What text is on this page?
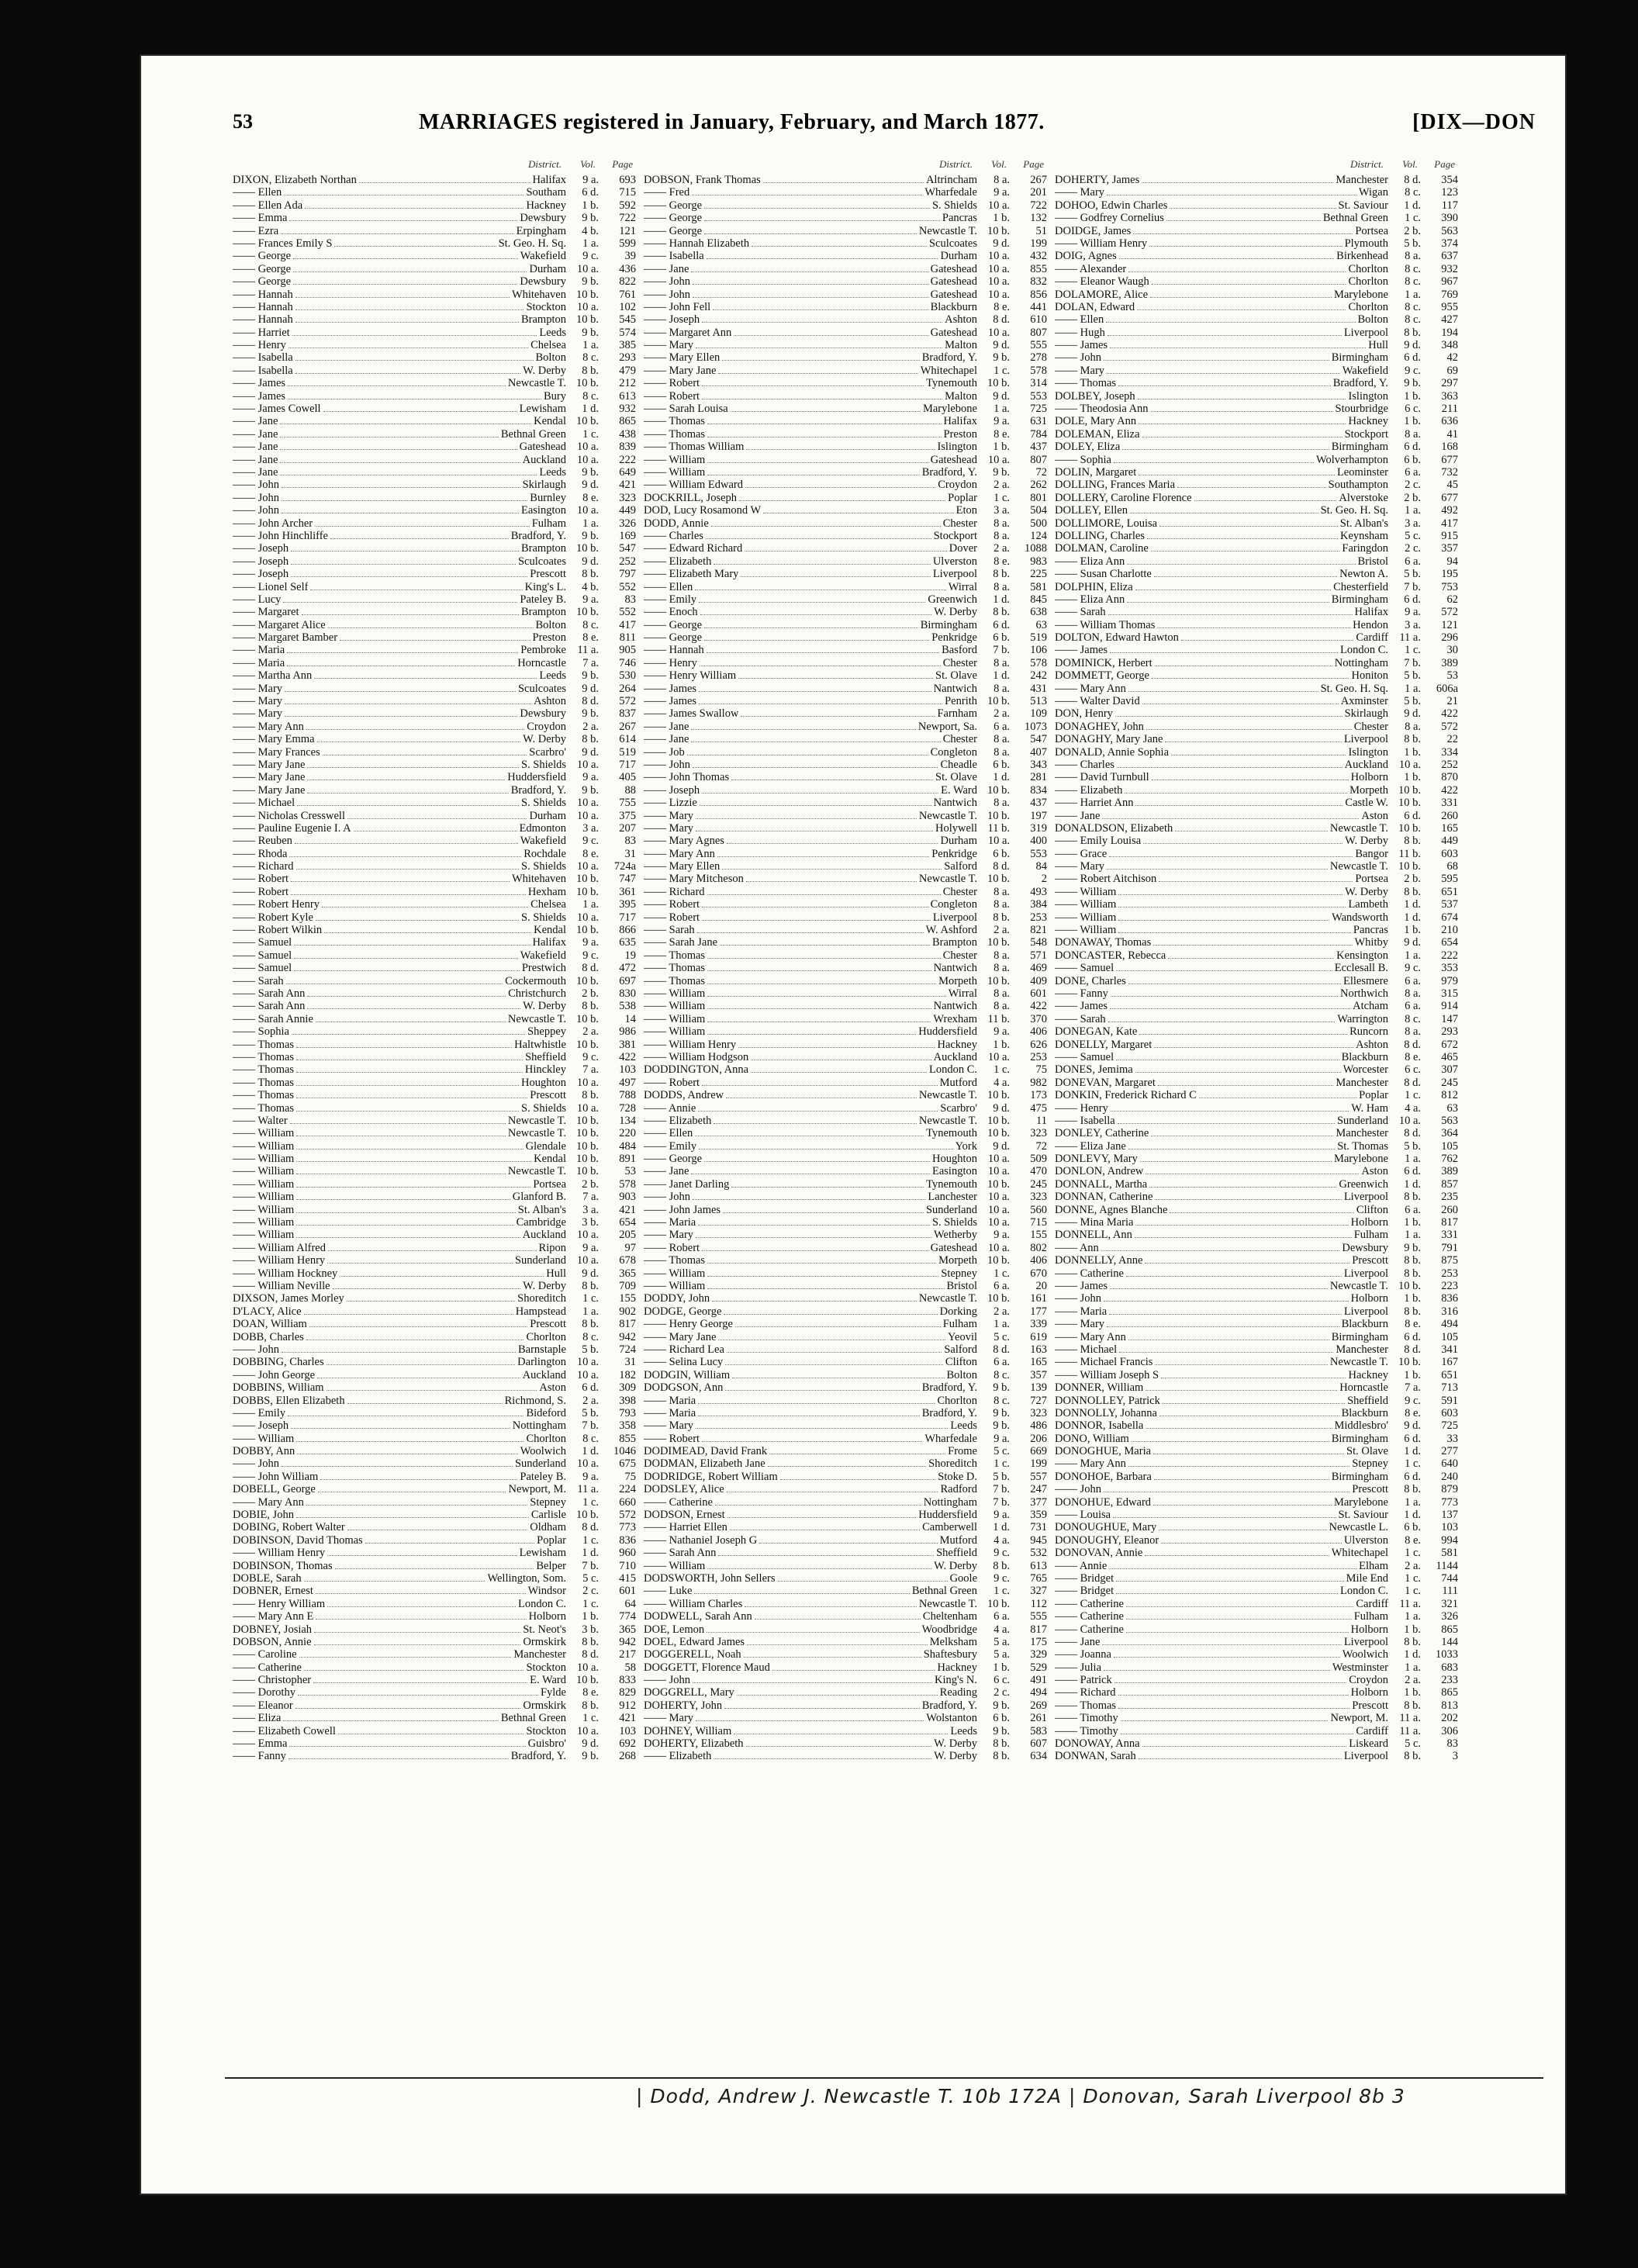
53	MARRIAGES registered in January, February, and March 1877.	[DIX—DON
District. Vol. Page
DIXON, Elizabeth Northan	Halifax	9 a.	693
—— Ellen	Southam	6 d.	715
—— Ellen Ada	Hackney	1 b.	592
—— Emma	Dewsbury	9 b.	722
—— Ezra	Erpingham	4 b.	121
—— Frances Emily S	St. Geo. H. Sq.	1 a.	599
—— George	Wakefield	9 c.	39
—— George	Durham 10 a.	436
—— George	Dewsbury	9 b.	822
—— Hannah	Whitehaven 10 b.	761
—— Hannah	Stockton 10 a.	102
—— Hannah	Brampton 10 b.	545
—— Harriet	Leeds	9 b.	574
—— Henry	Chelsea	1 a.	385
—— Isabella	Bolton	8 c.	293
—— Isabella	W. Derby	8 b.	479
—— James	Newcastle T. 10 b.	212
—— James	Bury	8 c.	613
—— James Cowell	Lewisham	1 d.	932
—— Jane	Kendal 10 b.	865
—— Jane	Bethnal Green	1 c.	438
—— Jane	Gateshead 10 a.	839
—— Jane	Auckland 10 a.	222
—— Jane	Leeds	9 b.	649
—— John	Skirlaugh	9 d.	421
—— John	Burnley	8 e.	323
—— John	Easington 10 a.	449
—— John Archer	Fulham	1 a.	326
—— John Hinchliffe	Bradford, Y.	9 b.	169
—— Joseph	Brampton 10 b.	547
—— Joseph	Sculcoates	9 d.	252
—— Joseph	Prescott	8 b.	797
—— Lionel Self	King's L.	4 b.	552
—— Lucy	Pateley B.	9 a.	83
—— Margaret	Brampton 10 b.	552
—— Margaret Alice	Bolton	8 c.	417
—— Margaret Bamber	Preston	8 e.	811
—— Maria	Pembroke 11 a.	905
—— Maria	Horncastle	7 a.	746
—— Martha Ann	Leeds	9 b.	530
—— Mary	Sculcoates	9 d.	264
—— Mary	Ashton	8 d.	572
—— Mary	Dewsbury	9 b.	837
—— Mary Ann	Croydon	2 a.	267
—— Mary Emma	W. Derby	8 b.	614
—— Mary Frances	Scarbro'	9 d.	519
—— Mary Jane	S. Shields 10 a.	717
—— Mary Jane	Huddersfield	9 a.	405
—— Mary Jane	Bradford, Y.	9 b.	88
—— Michael	S. Shields 10 a.	755
—— Nicholas Cresswell	Durham 10 a.	375
—— Pauline Eugenie I. A	Edmonton	3 a.	207
—— Reuben	Wakefield	9 c.	83
—— Rhoda	Rochdale	8 e.	31
—— Richard	S. Shields 10 a.	724a
—— Robert	Whitehaven 10 b.	747
—— Robert	Hexham 10 b.	361
—— Robert Henry	Chelsea	1 a.	395
—— Robert Kyle	S. Shields 10 a.	717
—— Robert Wilkin	Kendal 10 b.	866
—— Samuel	Halifax	9 a.	635
—— Samuel	Wakefield	9 c.	19
—— Samuel	Prestwich	8 d.	472
—— Sarah	Cockermouth 10 b.	697
—— Sarah Ann	Christchurch	2 b.	830
—— Sarah Ann	W. Derby	8 b.	538
—— Sarah Annie	Newcastle T. 10 b.	14
—— Sophia	Sheppey	2 a.	986
—— Thomas	Haltwhistle 10 b.	381
—— Thomas	Sheffield	9 c.	422
—— Thomas	Hinckley	7 a.	103
—— Thomas	Houghton 10 a.	497
—— Thomas	Prescott	8 b.	788
—— Thomas	S. Shields 10 a.	728
—— Walter	Newcastle T. 10 b.	134
—— William	Newcastle T. 10 b.	220
—— William	Glendale 10 b.	484
—— William	Kendal 10 b.	891
—— William	Newcastle T. 10 b.	53
—— William	Portsea	2 b.	578
—— William	Glanford B.	7 a.	903
—— William	St. Alban's	3 a.	421
—— William	Cambridge	3 b.	654
—— William	Auckland 10 a.	205
—— William Alfred	Ripon	9 a.	97
—— William Henry	Sunderland 10 a.	678
—— William Hockney	Hull	9 d.	365
—— William Neville	W. Derby	8 b.	709
DIXSON, James Morley	Shoreditch	1 c.	155
D'LACY, Alice	Hampstead	1 a.	902
DOAN, William	Prescott	8 b.	817
DOBB, Charles	Chorlton	8 c.	942
—— John	Barnstaple	5 b.	724
DOBBING, Charles	Darlington 10 a.	31
—— John George	Auckland 10 a.	182
DOBBINS, William	Aston	6 d.	309
DOBBS, Ellen Elizabeth	Richmond, S.	2 a.	398
—— Emily	Bideford	5 b.	793
—— Joseph	Nottingham	7 b.	358
—— William	Chorlton	8 c.	855
DOBBY, Ann	Woolwich	1 d.	1046
—— John	Sunderland 10 a.	675
—— John William	Pateley B.	9 a.	75
DOBELL, George	Newport, M. 11 a.	224
—— Mary Ann	Stepney	1 c.	660
DOBIE, John	Carlisle 10 b.	572
DOBING, Robert Walter	Oldham	8 d.	773
DOBINSON, David Thomas	Poplar	1 c.	836
—— William Henry	Lewisham	1 d.	960
DOBINSON, Thomas	Belper	7 b.	710
DOBLE, Sarah	Wellington, Som.	5 c.	415
DOBNER, Ernest	Windsor	2 c.	601
—— Henry William	London C.	1 c.	64
—— Mary Ann E	Holborn	1 b.	774
DOBNEY, Josiah	St. Neot's	3 b.	365
DOBSON, Annie	Ormskirk	8 b.	942
—— Caroline	Manchester	8 d.	217
—— Catherine	Stockton 10 a.	58
—— Christopher	E. Ward 10 b.	833
—— Dorothy	Fylde	8 e.	829
—— Eleanor	Ormskirk	8 b.	912
—— Eliza	Bethnal Green	1 c.	421
—— Elizabeth Cowell	Stockton 10 a.	103
—— Emma	Guisbro'	9 d.	692
—— Fanny	Bradford, Y.	9 b.	268
District. Vol. Page
DOBSON, Frank Thomas	Altrincham	8 a.	267
—— Fred	Wharfedale	9 a.	201
—— George	S. Shields 10 a.	722
—— George	Pancras	1 b.	132
—— George	Newcastle T. 10 b.	51
—— Hannah Elizabeth	Sculcoates	9 d.	199
—— Isabella	Durham 10 a.	432
—— Jane	Gateshead 10 a.	855
—— John	Gateshead 10 a.	832
—— John	Gateshead 10 a.	856
—— John Fell	Blackburn	8 e.	441
—— Joseph	Ashton	8 d.	610
—— Margaret Ann	Gateshead 10 a.	807
—— Mary	Malton	9 d.	555
—— Mary Ellen	Bradford, Y.	9 b.	278
—— Mary Jane	Whitechapel	1 c.	578
—— Robert	Tynemouth 10 b.	314
—— Robert	Malton	9 d.	553
—— Sarah Louisa	Marylebone	1 a.	725
—— Thomas	Halifax	9 a.	631
—— Thomas	Preston	8 e.	784
—— Thomas William	Islington	1 b.	437
—— William	Gateshead 10 a.	807
—— William	Bradford, Y.	9 b.	72
—— William Edward	Croydon	2 a.	262
DOCKRILL, Joseph	Poplar	1 c.	801
DOD, Lucy Rosamond W	Eton	3 a.	504
DODD, Annie	Chester	8 a.	500
—— Charles	Stockport	8 a.	124
—— Edward Richard	Dover	2 a.	1088
—— Elizabeth	Ulverston	8 e.	983
—— Elizabeth Mary	Liverpool	8 b.	225
—— Ellen	Wirral	8 a.	581
—— Emily	Greenwich	1 d.	845
—— Enoch	W. Derby	8 b.	638
—— George	Birmingham	6 d.	63
—— George	Penkridge	6 b.	519
—— Hannah	Basford	7 b.	106
—— Henry	Chester	8 a.	578
—— Henry William	St. Olave	1 d.	242
—— James	Nantwich	8 a.	431
—— James	Penrith 10 b.	513
—— James Swallow	Farnham	2 a.	109
—— Jane	Newport, Sa.	6 a.	1073
—— Jane	Chester	8 a.	547
—— Job	Congleton	8 a.	407
—— John	Cheadle	6 b.	343
—— John Thomas	St. Olave	1 d.	281
—— Joseph	E. Ward 10 b.	834
—— Lizzie	Nantwich	8 a.	437
—— Mary	Newcastle T. 10 b.	197
—— Mary	Holywell 11 b.	319
—— Mary Agnes	Durham 10 a.	400
—— Mary Ann	Penkridge	6 b.	553
—— Mary Ellen	Salford	8 d.	84
—— Mary Mitcheson	Newcastle T. 10 b.	2
—— Richard	Chester	8 a.	493
—— Robert	Congleton	8 a.	384
—— Robert	Liverpool	8 b.	253
—— Sarah	W. Ashford	2 a.	821
—— Sarah Jane	Brampton 10 b.	548
—— Thomas	Chester	8 a.	571
—— Thomas	Nantwich	8 a.	469
—— Thomas	Morpeth 10 b.	409
—— William	Wirral	8 a.	601
—— William	Nantwich	8 a.	422
—— William	Wrexham 11 b.	370
—— William	Huddersfield	9 a.	406
—— William Henry	Hackney	1 b.	626
—— William Hodgson	Auckland 10 a.	253
DODDINGTON, Anna	London C.	1 c.	75
—— Robert	Mutford	4 a.	982
DODDS, Andrew	Newcastle T. 10 b.	173
—— Annie	Scarbro'	9 d.	475
—— Elizabeth	Newcastle T. 10 b.	11
—— Ellen	Tynemouth 10 b.	323
—— Emily	York	9 d.	72
—— George	Houghton 10 a.	509
—— Jane	Easington 10 a.	470
—— Janet Darling	Tynemouth 10 b.	245
—— John	Lanchester 10 a.	323
—— John James	Sunderland 10 a.	560
—— Maria	S. Shields 10 a.	715
—— Mary	Wetherby	9 a.	155
—— Robert	Gateshead 10 a.	802
—— Thomas	Morpeth 10 b.	406
—— William	Stepney	1 c.	670
—— William	Bristol	6 a.	20
DODDY, John	Newcastle T. 10 b.	161
DODGE, George	Dorking	2 a.	177
—— Henry George	Fulham	1 a.	339
—— Mary Jane	Yeovil	5 c.	619
—— Richard Lea	Salford	8 d.	163
—— Selina Lucy	Clifton	6 a.	165
DODGIN, William	Bolton	8 c.	357
DODGSON, Ann	Bradford, Y.	9 b.	139
—— Maria	Chorlton	8 c.	727
—— Maria	Bradford, Y.	9 b.	323
—— Mary	Leeds	9 b.	486
—— Robert	Wharfedale	9 a.	206
DODIMEAD, David Frank	Frome	5 c.	669
DODMAN, Elizabeth Jane	Shoreditch	1 c.	199
DODRIDGE, Robert William	Stoke D.	5 b.	557
DODSLEY, Alice	Radford	7 b.	247
—— Catherine	Nottingham	7 b.	377
DODSON, Ernest	Huddersfield	9 a.	359
—— Harriet Ellen	Camberwell	1 d.	731
—— Nathaniel Joseph G	Mutford	4 a.	945
—— Sarah Ann	Sheffield	9 c.	532
—— William	W. Derby	8 b.	613
DODSWORTH, John Sellers	Goole	9 c.	765
—— Luke	Bethnal Green	1 c.	327
—— William Charles	Newcastle T. 10 b.	112
DODWELL, Sarah Ann	Cheltenham	6 a.	555
DOE, Lemon	Woodbridge	4 a.	817
DOEL, Edward James	Melksham	5 a.	175
DOGGERELL, Noah	Shaftesbury	5 a.	329
DOGGETT, Florence Maud	Hackney	1 b.	529
—— John	King's N.	6 c.	491
DOGGRELL, Mary	Reading	2 c.	494
DOHERTY, John	Bradford, Y.	9 b.	269
—— Mary	Wolstanton	6 b.	261
DOHNEY, William	Leeds	9 b.	583
DOHERTY, Elizabeth	W. Derby	8 b.	607
—— Elizabeth	W. Derby	8 b.	634
District. Vol. Page
DOHERTY, James	Manchester	8 d.	354
—— Mary	Wigan	8 c.	123
DOHOO, Edwin Charles	St. Saviour	1 d.	117
—— Godfrey Cornelius	Bethnal Green	1 c.	390
DOIDGE, James	Portsea	2 b.	563
—— William Henry	Plymouth	5 b.	374
DOIG, Agnes	Birkenhead	8 a.	637
—— Alexander	Chorlton	8 c.	932
—— Eleanor Waugh	Chorlton	8 c.	967
DOLAMORE, Alice	Marylebone	1 a.	769
DOLAN, Edward	Chorlton	8 c.	955
—— Ellen	Bolton	8 c.	427
—— Hugh	Liverpool	8 b.	194
—— James	Hull	9 d.	348
—— John	Birmingham	6 d.	42
—— Mary	Wakefield	9 c.	69
—— Thomas	Bradford, Y.	9 b.	297
DOLBEY, Joseph	Islington	1 b.	363
—— Theodosia Ann	Stourbridge	6 c.	211
DOLE, Mary Ann	Hackney	1 b.	636
DOLEMAN, Eliza	Stockport	8 a.	41
DOLEY, Eliza	Birmingham	6 d.	168
—— Sophia	Wolverhampton	6 b.	677
DOLIN, Margaret	Leominster	6 a.	732
DOLLING, Frances Maria	Southampton	2 c.	45
DOLLERY, Caroline Florence	Alverstoke	2 b.	677
DOLLEY, Ellen	St. Geo. H. Sq.	1 a.	492
DOLLIMORE, Louisa	St. Alban's	3 a.	417
DOLLING, Charles	Keynsham	5 c.	915
DOLMAN, Caroline	Faringdon	2 c.	357
—— Eliza Ann	Bristol	6 a.	94
—— Susan Charlotte	Newton A.	5 b.	195
DOLPHIN, Eliza	Chesterfield	7 b.	753
—— Eliza Ann	Birmingham	6 d.	62
—— Sarah	Halifax	9 a.	572
—— William Thomas	Hendon	3 a.	121
DOLTON, Edward Hawton	Cardiff 11 a.	296
—— James	London C.	1 c.	30
DOMINICK, Herbert	Nottingham	7 b.	389
DOMMETT, George	Honiton	5 b.	53
—— Mary Ann	St. Geo. H. Sq.	1 a.	606a
—— Walter David	Axminster	5 b.	21
DON, Henry	Skirlaugh	9 d.	422
DONAGHEY, John	Chester	8 a.	572
DONAGHY, Mary Jane	Liverpool	8 b.	22
DONALD, Annie Sophia	Islington	1 b.	334
—— Charles	Auckland 10 a.	252
—— David Turnbull	Holborn	1 b.	870
—— Elizabeth	Morpeth 10 b.	422
—— Harriet Ann	Castle W. 10 b.	331
—— Jane	Aston	6 d.	260
DONALDSON, Elizabeth	Newcastle T. 10 b.	165
—— Emily Louisa	W. Derby	8 b.	449
—— Grace	Bangor 11 b.	603
—— Mary	Newcastle T. 10 b.	68
—— Robert Aitchison	Portsea	2 b.	595
—— William	W. Derby	8 b.	651
—— William	Lambeth	1 d.	537
—— William	Wandsworth	1 d.	674
—— William	Pancras	1 b.	210
DONAWAY, Thomas	Whitby	9 d.	654
DONCASTER, Rebecca	Kensington	1 a.	222
—— Samuel	Ecclesall B.	9 c.	353
DONE, Charles	Ellesmere	6 a.	979
—— Fanny	Northwich	8 a.	315
—— James	Atcham	6 a.	914
—— Sarah	Warrington	8 c.	147
DONEGAN, Kate	Runcorn	8 a.	293
DONELLY, Margaret	Ashton	8 d.	672
—— Samuel	Blackburn	8 e.	465
DONES, Jemima	Worcester	6 c.	307
DONEVAN, Margaret	Manchester	8 d.	245
DONKIN, Frederick Richard C	Poplar	1 c.	812
—— Henry	W. Ham	4 a.	63
—— Isabella	Sunderland 10 a.	563
DONLEY, Catherine	Manchester	8 d.	364
—— Eliza Jane	St. Thomas	5 b.	105
DONLEVY, Mary	Marylebone	1 a.	762
DONLON, Andrew	Aston	6 d.	389
DONNALL, Martha	Greenwich	1 d.	857
DONNAN, Catherine	Liverpool	8 b.	235
DONNE, Agnes Blanche	Clifton	6 a.	260
—— Mina Maria	Holborn	1 b.	817
DONNELL, Ann	Fulham	1 a.	331
—— Ann	Dewsbury	9 b.	791
DONNELLY, Anne	Prescott	8 b.	875
—— Catherine	Liverpool	8 b.	253
—— James	Newcastle T. 10 b.	223
—— John	Holborn	1 b.	836
—— Maria	Liverpool	8 b.	316
—— Mary	Blackburn	8 e.	494
—— Mary Ann	Birmingham	6 d.	105
—— Michael	Manchester	8 d.	341
—— Michael Francis	Newcastle T. 10 b.	167
—— William Joseph S	Hackney	1 b.	651
DONNER, William	Horncastle	7 a.	713
DONNOLLEY, Patrick	Sheffield	9 c.	591
DONNOLLY, Johanna	Blackburn	8 e.	603
DONNOR, Isabella	Middlesbro'	9 d.	725
DONO, William	Birmingham	6 d.	33
DONOGHUE, Maria	St. Olave	1 d.	277
—— Mary Ann	Stepney	1 c.	640
DONOHOE, Barbara	Birmingham	6 d.	240
—— John	Prescott	8 b.	879
DONOHUE, Edward	Marylebone	1 a.	773
—— Louisa	St. Saviour	1 d.	137
DONOUGHUE, Mary	Newcastle L.	6 b.	103
DONOUGHY, Eleanor	Ulverston	8 e.	994
DONOVAN, Annie	Whitechapel	1 c.	581
—— Annie	Elham	2 a.	1144
—— Bridget	Mile End	1 c.	744
—— Bridget	London C.	1 c.	111
—— Catherine	Cardiff 11 a.	321
—— Catherine	Fulham	1 a.	326
—— Catherine	Holborn	1 b.	865
—— Jane	Liverpool	8 b.	144
—— Joanna	Woolwich	1 d.	1033
—— Julia	Westminster	1 a.	683
—— Patrick	Croydon	2 a.	233
—— Richard	Holborn	1 b.	865
—— Thomas	Prescott	8 b.	813
—— Timothy	Newport, M. 11 a.	202
—— Timothy	Cardiff 11 a.	306
DONOWAY, Anna	Liskeard	5 c.	83
DONWAN, Sarah	Liverpool	8 b.	3
| Dodd, Andrew J. Newcastle T. 10b 172A | Donovan, Sarah Liverpool 8b 3
